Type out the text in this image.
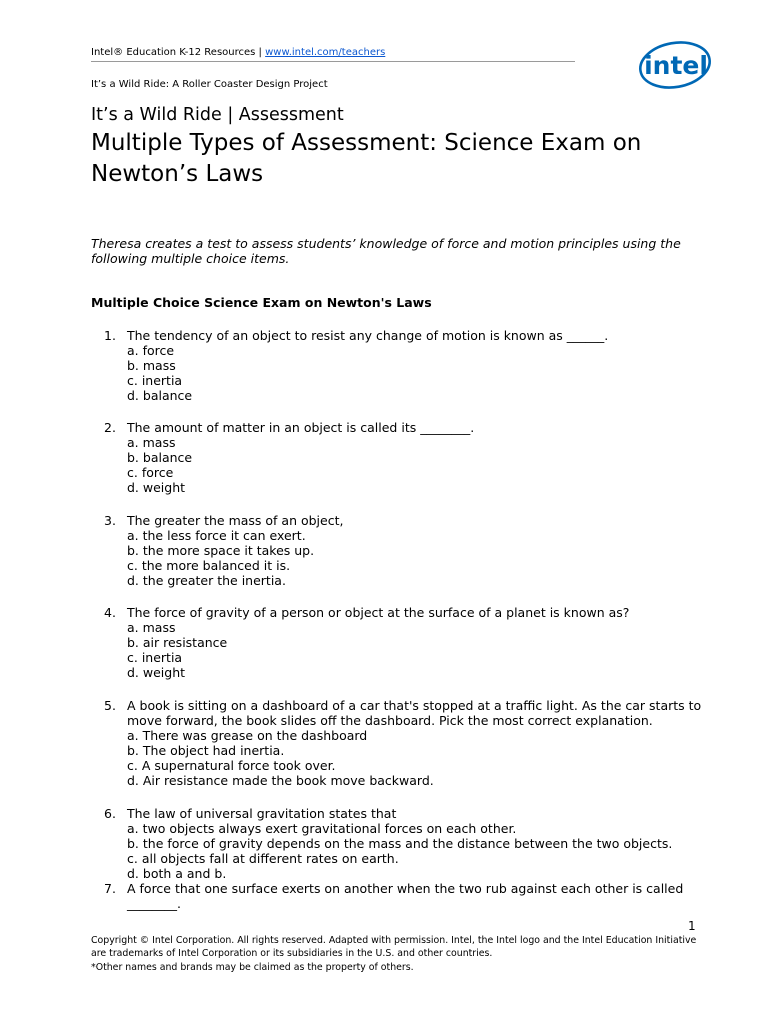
Intel® Education K-12 Resources | www.intel.com/teachers
It’s a Wild Ride: A Roller Coaster Design Project
intel
It’s a Wild Ride | Assessment
Multiple Types of Assessment: Science Exam on Newton’s Laws
Theresa creates a test to assess students’ knowledge of force and motion principles using the following multiple choice items.
Multiple Choice Science Exam on Newton's Laws
1. The tendency of an object to resist any change of motion is known as ______.
a. force
b. mass
c. inertia
d. balance
2. The amount of matter in an object is called its ________.
a. mass
b. balance
c. force
d. weight
3. The greater the mass of an object,
a. the less force it can exert.
b. the more space it takes up.
c. the more balanced it is.
d. the greater the inertia.
4. The force of gravity of a person or object at the surface of a planet is known as?
a. mass
b. air resistance
c. inertia
d. weight
5. A book is sitting on a dashboard of a car that's stopped at a traffic light. As the car starts to move forward, the book slides off the dashboard. Pick the most correct explanation.
a. There was grease on the dashboard
b. The object had inertia.
c. A supernatural force took over.
d. Air resistance made the book move backward.
6. The law of universal gravitation states that
a. two objects always exert gravitational forces on each other.
b. the force of gravity depends on the mass and the distance between the two objects.
c. all objects fall at different rates on earth.
d. both a and b.
7. A force that one surface exerts on another when the two rub against each other is called ________.
1
Copyright © Intel Corporation. All rights reserved. Adapted with permission. Intel, the Intel logo and the Intel Education Initiative are trademarks of Intel Corporation or its subsidiaries in the U.S. and other countries.
*Other names and brands may be claimed as the property of others.
